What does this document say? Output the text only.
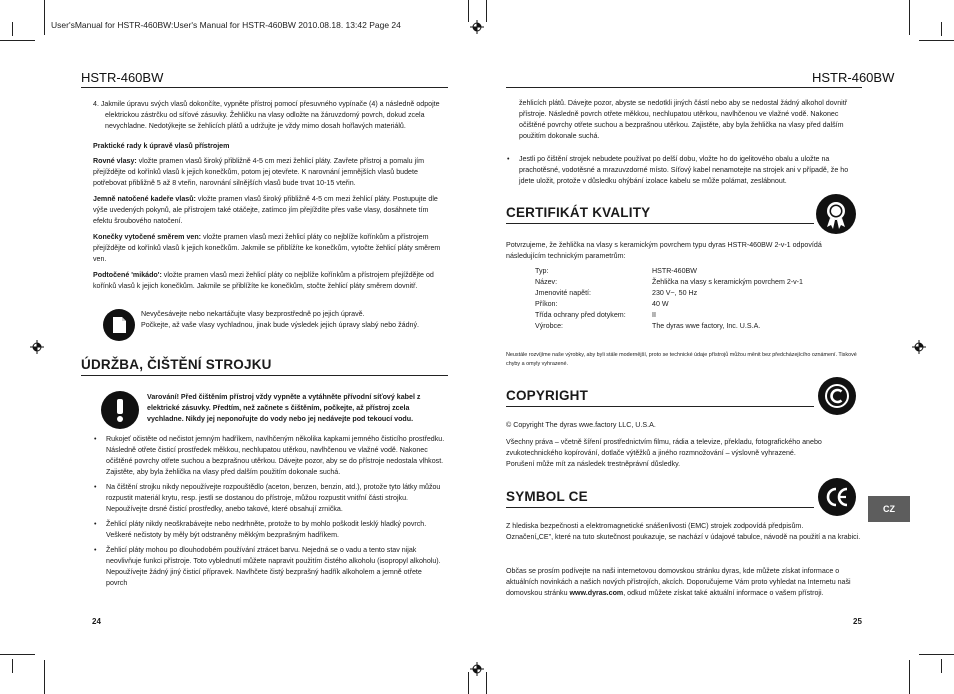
User'sManual for HSTR-460BW:User's Manual for HSTR-460BW 2010.08.18. 13:42 Page 24
HSTR-460BW
4. Jakmile úpravu svých vlasů dokončíte, vypněte přístroj pomocí přesuvného vypínače (4) a následně odpojte elektrickou zástrčku od síťové zásuvky. Žehličku na vlasy odložte na žáruvzdorný povrch, dokud zcela nevychladne. Nedotýkejte se žehlicích plátů a udržujte je vždy mimo dosah hořlavých materiálů.
Praktické rady k úpravě vlasů přístrojem
Rovné vlasy: vložte pramen vlasů široký přibližně 4-5 cm mezi žehlicí pláty. Zavřete přístroj a pomalu jím přejíždějte od kořínků vlasů k jejich konečkům, potom jej otevřete. K narovnání jemnějších vlasů budete potřebovat přibližně 5 až 8 vteřin, narovnání silnějších vlasů bude trvat 10-15 vteřin.
Jemně natočené kadeře vlasů: vložte pramen vlasů široký přibližně 4-5 cm mezi žehlicí pláty. Postupujte dle výše uvedených pokynů, ale přístrojem také otáčejte, zatímco jím přejíždíte přes vaše vlasy, dosáhnete tím efektu šroubového natočení.
Konečky vytočené směrem ven: vložte pramen vlasů mezi žehlicí pláty co nejblíže kořínkům a přístrojem přejíždějte od kořínků vlasů k jejich konečkům. Jakmile se přiblížíte ke konečkům, vytočte žehlicí pláty směrem ven.
Podtočené 'mikádo': vložte pramen vlasů mezi žehlicí pláty co nejblíže kořínkům a přístrojem přejíždějte od kořínků vlasů k jejich konečkům. Jakmile se přiblížíte ke konečkům, stočte žehlicí pláty směrem dovnitř.
Nevyčesávejte nebo nekartáčujte vlasy bezprostředně po jejich úpravě.
Počkejte, až vaše vlasy vychladnou, jinak bude výsledek jejich úpravy slabý nebo žádný.
ÚDRŽBA, ČIŠTĚNÍ STROJKU
Varování! Před čištěním přístroj vždy vypněte a vytáhněte přívodní síťový kabel z elektrické zásuvky. Předtím, než začnete s čištěním, počkejte, až přístroj zcela vychladne. Nikdy jej neponořujte do vody nebo jej nedávejte pod tekoucí vodu.
• Rukojeť očistěte od nečistot jemným hadříkem, navlhčeným několika kapkami jemného čisticího prostředku. Následně otřete čisticí prostředek měkkou, nechlupatou utěrkou, navlhčenou ve vlažné vodě. Nakonec očištěné povrchy otřete suchou a bezprašnou utěrkou. Dávejte pozor, aby se do přístroje nedostala vlhkost. Zajistěte, aby byla žehlička na vlasy před dalším použitím dokonale suchá.
• Na čištění strojku nikdy nepoužívejte rozpouštědlo (aceton, benzen, benzin, atd.), protože tyto látky můžou rozpustit materiál krytu, resp. jestli se dostanou do přístroje, můžou rozpustit vnitřní části strojku. Nepoužívejte drsné čisticí prostředky, anebo takové, které obsahují zrnička.
• Žehlicí pláty nikdy neoškrabávejte nebo nedrhněte, protože to by mohlo poškodit lesklý hladký povrch. Veškeré nečistoty by měly být odstraněny měkkým bezprašným hadříkem.
• Žehlicí pláty mohou po dlouhodobém používání ztrácet barvu. Nejedná se o vadu a tento stav nijak neovlivňuje funkci přístroje. Toto vyblednutí můžete napravit použitím čistého alkoholu (isopropyl alkoholu). Nepoužívejte žádný jiný čisticí přípravek. Navlhčete čistý bezprašný hadřík alkoholem a jemně otřete povrch
24
HSTR-460BW
žehlicích plátů. Dávejte pozor, abyste se nedotkli jiných částí nebo aby se nedostal žádný alkohol dovnitř přístroje. Následně povrch otřete měkkou, nechlupatou utěrkou, navlhčenou ve vlažné vodě. Nakonec očištěné povrchy otřete suchou a bezprašnou utěrkou. Zajistěte, aby byla žehlička na vlasy před dalším použitím dokonale suchá.
• Jestli po čištění strojek nebudete používat po delší dobu, vložte ho do igelitového obalu a uložte na prachotěsné, vodotěsné a mrazuvzdorné místo. Síťový kabel nenamotejte na strojek ani v případě, že ho jdete uložit, protože v důsledku ohýbání izolace kabelu se může polámat, zeslábnout.
CERTIFIKÁT KVALITY
Potvrzujeme, že žehlička na vlasy s keramickým povrchem typu dyras HSTR-460BW 2-v-1 odpovídá následujícím technickým parametrům:
Typ:	HSTR-460BW
Název:	Žehlička na vlasy s keramickým povrchem 2-v-1
Jmenovité napětí:	230 V~, 50 Hz
Příkon:	40 W
Třída ochrany před dotykem:	II
Výrobce:	The dyras wwe factory, Inc. U.S.A.
Neustále rozvíjíme naše výrobky, aby byli stále modernější, proto se technické údaje přístrojů můžou měnit bez předcházejícího oznámení. Tiskové chyby a omyly vyhrazené.
COPYRIGHT
© Copyright The dyras wwe.factory LLC, U.S.A.
Všechny práva – včetně šíření prostřednictvím filmu, rádia a televize, překladu, fotografického anebo zvukotechnického kopírování, dotlače výtěžků a jiného rozmnožování – výslovně vyhrazené.
Porušení může mít za následek trestněprávní důsledky.
SYMBOL CE
CZ
Z hlediska bezpečnosti a elektromagnetické snášenlivosti (EMC) strojek zodpovídá předpisům.
Označení„CE", které na tuto skutečnost poukazuje, se nachází v údajové tabulce, návodě na použití a na krabici.
Občas se prosím podívejte na naši internetovou domovskou stránku dyras, kde můžete získat informace o aktuálních novinkách a našich nových přístrojích, akcích. Doporučujeme Vám proto vyhledat na Internetu naši domovskou stránku www.dyras.com, odkud můžete získat také aktuální informace o vašem přístroji.
25
